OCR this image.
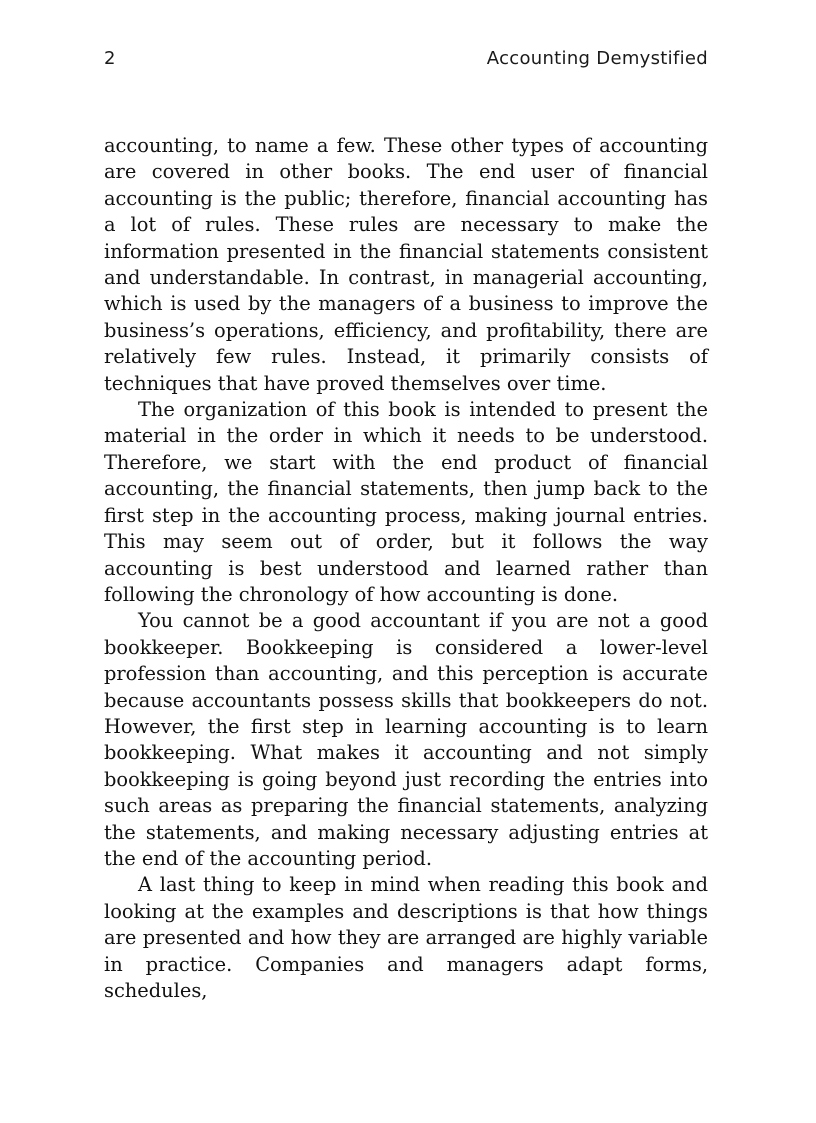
2	Accounting Demystified

accounting, to name a few. These other types of accounting are covered in other books. The end user of financial accounting is the public; therefore, financial accounting has a lot of rules. These rules are necessary to make the information presented in the financial statements consistent and understandable. In contrast, in managerial accounting, which is used by the managers of a business to improve the business’s operations, efficiency, and profitability, there are relatively few rules. Instead, it primarily consists of techniques that have proved themselves over time.

The organization of this book is intended to present the material in the order in which it needs to be understood. Therefore, we start with the end product of financial accounting, the financial statements, then jump back to the first step in the accounting process, making journal entries. This may seem out of order, but it follows the way accounting is best understood and learned rather than following the chronology of how accounting is done.

You cannot be a good accountant if you are not a good bookkeeper. Bookkeeping is considered a lower-level profession than accounting, and this perception is accurate because accountants possess skills that bookkeepers do not. However, the first step in learning accounting is to learn bookkeeping. What makes it accounting and not simply bookkeeping is going beyond just recording the entries into such areas as preparing the financial statements, analyzing the statements, and making necessary adjusting entries at the end of the accounting period.

A last thing to keep in mind when reading this book and looking at the examples and descriptions is that how things are presented and how they are arranged are highly variable in practice. Companies and managers adapt forms, schedules,
